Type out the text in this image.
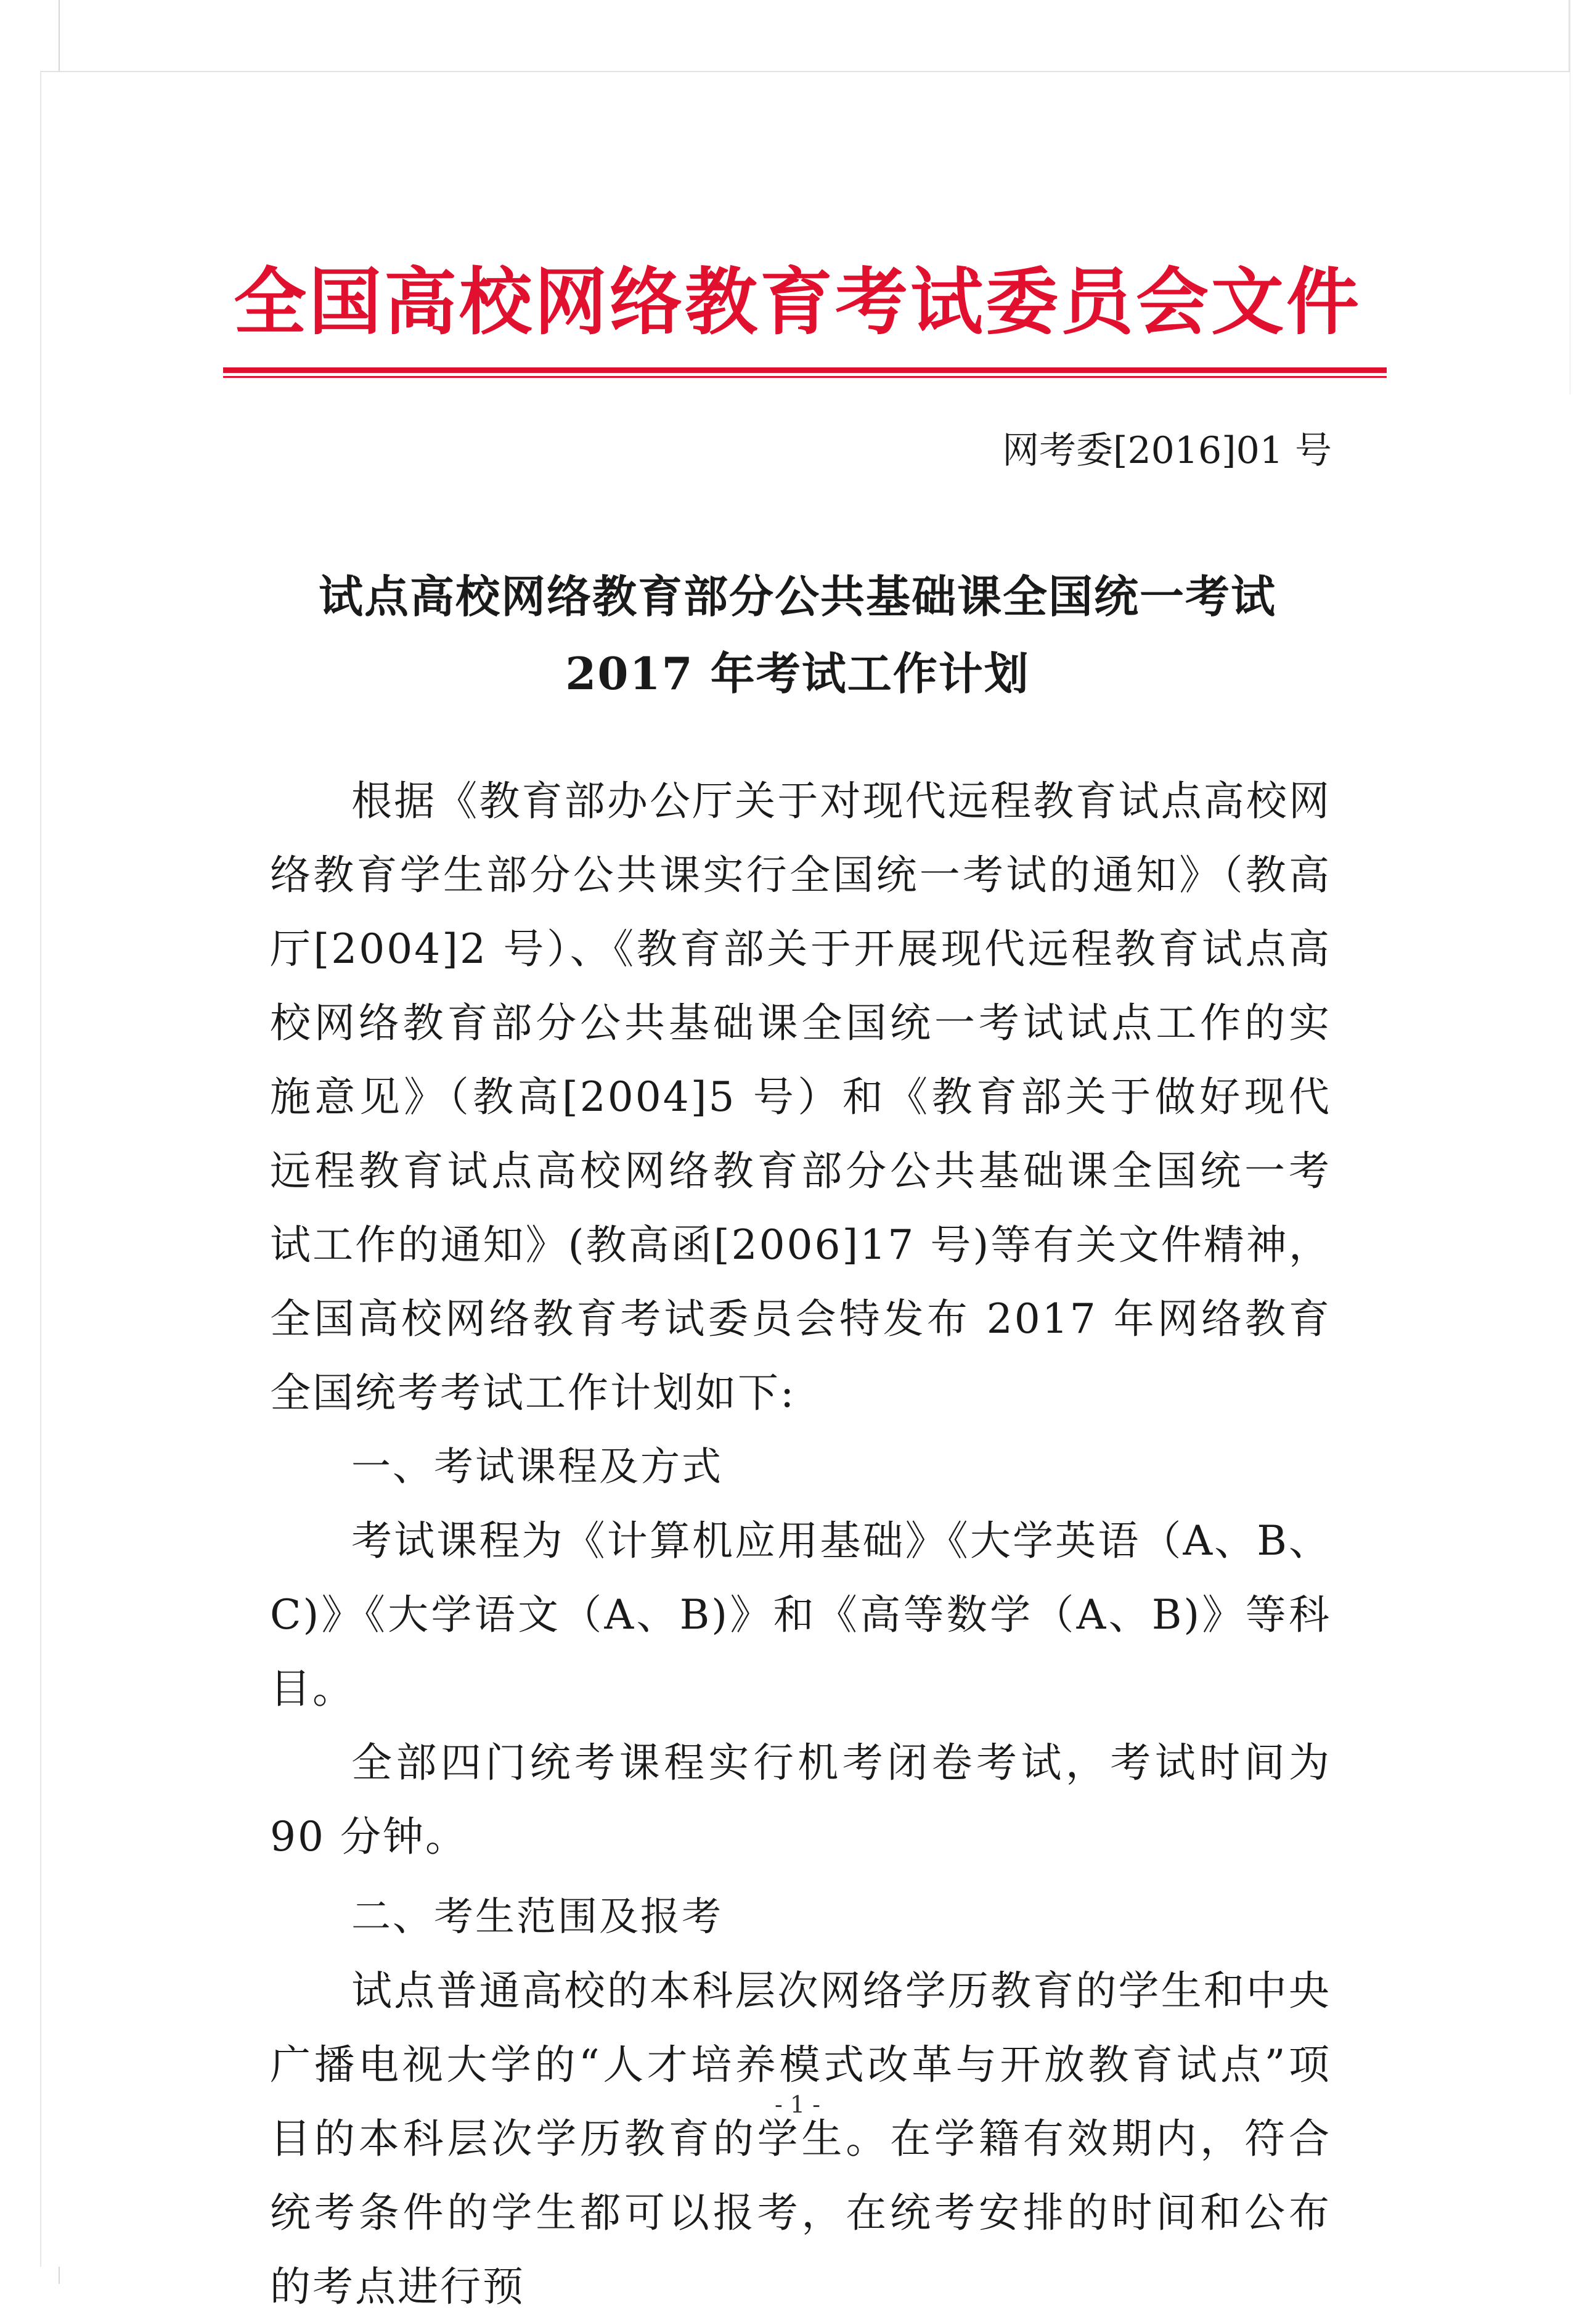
全国高校网络教育考试委员会文件
网考委[2016]01 号
试点高校网络教育部分公共基础课全国统一考试
2017 年考试工作计划

根据《教育部办公厅关于对现代远程教育试点高校网络教育学生部分公共课实行全国统一考试的通知》（教高厅[2004]2 号）、《教育部关于开展现代远程教育试点高校网络教育部分公共基础课全国统一考试试点工作的实施意见》（教高[2004]5 号）和《教育部关于做好现代远程教育试点高校网络教育部分公共基础课全国统一考试工作的通知》(教高函[2006]17 号)等有关文件精神，全国高校网络教育考试委员会特发布 2017 年网络教育全国统考考试工作计划如下:

一、考试课程及方式

考试课程为《计算机应用基础》《大学英语（A、B、C)》《大学语文（A、B)》和《高等数学（A、B)》等科目。

全部四门统考课程实行机考闭卷考试，考试时间为 90 分钟。

二、考生范围及报考

试点普通高校的本科层次网络学历教育的学生和中央广播电视大学的“人才培养模式改革与开放教育试点”项目的本科层次学历教育的学生。在学籍有效期内，符合统考条件的学生都可以报考，在统考安排的时间和公布的考点进行预

- 1 -
